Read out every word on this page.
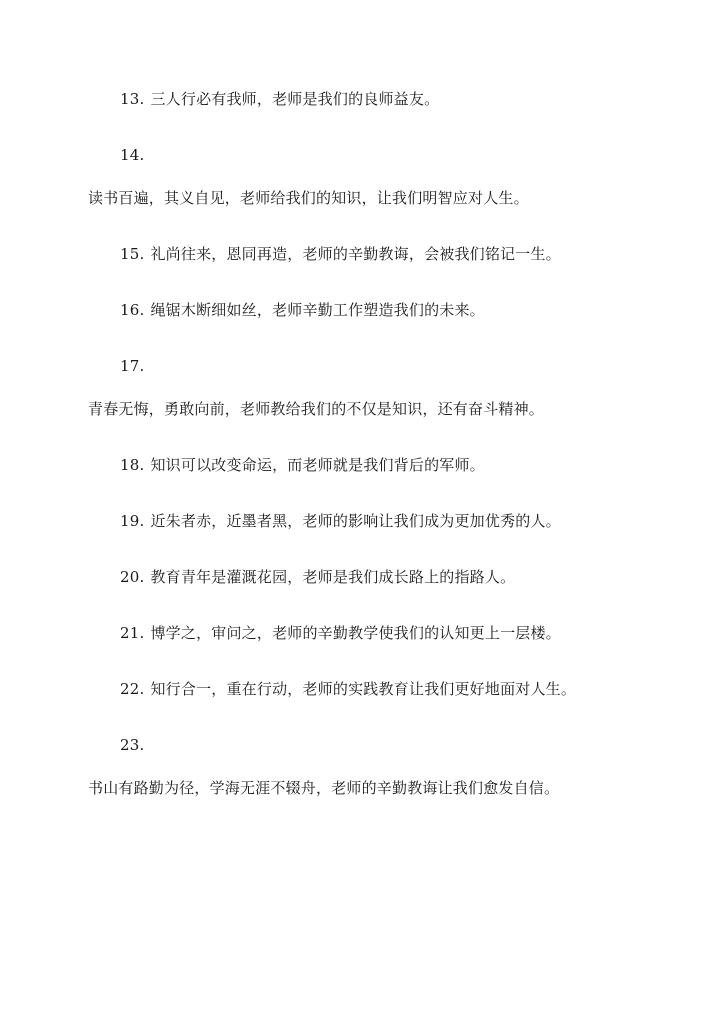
13. 三人行必有我师，老师是我们的良师益友。
14.
读书百遍，其义自见，老师给我们的知识，让我们明智应对人生。
15. 礼尚往来，恩同再造，老师的辛勤教诲，会被我们铭记一生。
16. 绳锯木断细如丝，老师辛勤工作塑造我们的未来。
17.
青春无悔，勇敢向前，老师教给我们的不仅是知识，还有奋斗精神。
18. 知识可以改变命运，而老师就是我们背后的军师。
19. 近朱者赤，近墨者黑，老师的影响让我们成为更加优秀的人。
20. 教育青年是灌溉花园，老师是我们成长路上的指路人。
21. 博学之，审问之，老师的辛勤教学使我们的认知更上一层楼。
22. 知行合一，重在行动，老师的实践教育让我们更好地面对人生。
23.
书山有路勤为径，学海无涯不辍舟，老师的辛勤教诲让我们愈发自信。
